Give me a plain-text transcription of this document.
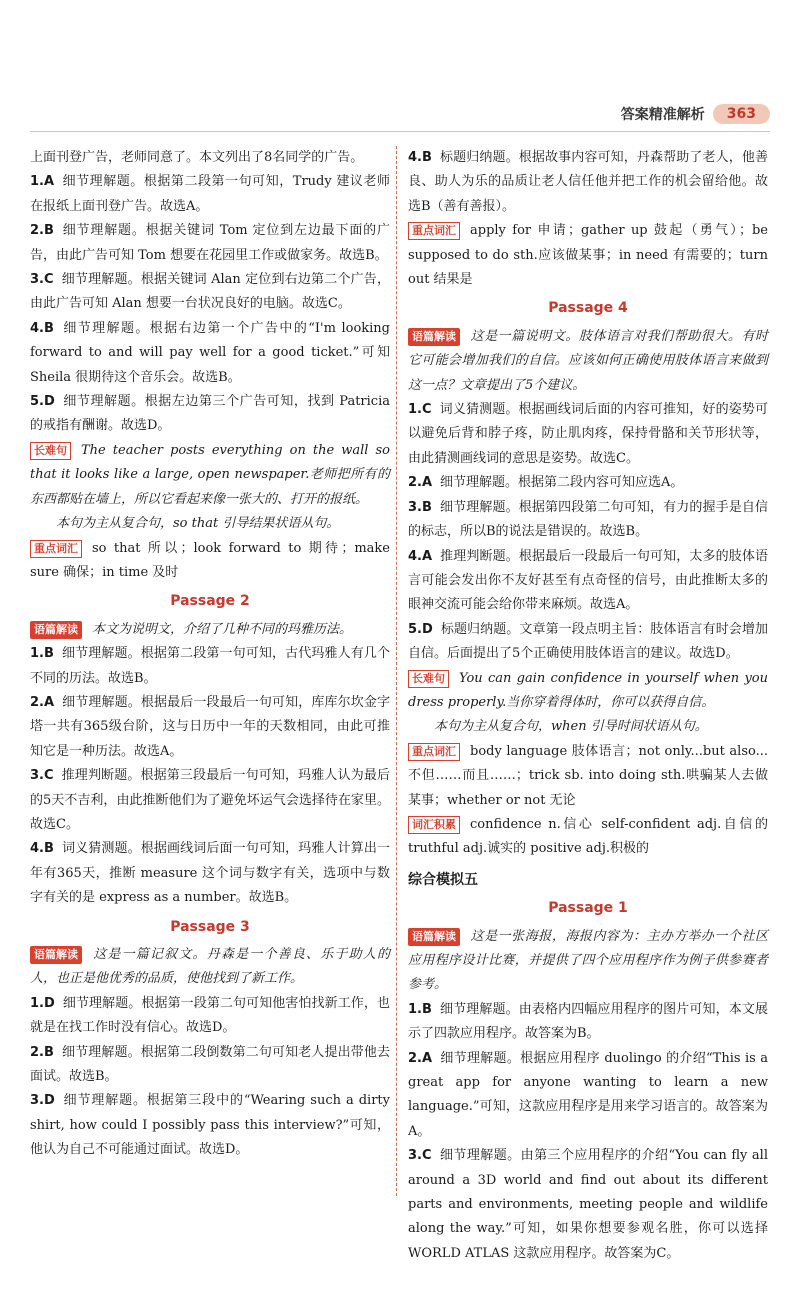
答案精准解析	363

上面刊登广告，老师同意了。本文列出了8名同学的广告。

1.A 细节理解题。根据第二段第一句可知，Trudy 建议老师在报纸上面刊登广告。故选A。

2.B 细节理解题。根据关键词 Tom 定位到左边最下面的广告，由此广告可知 Tom 想要在花园里工作或做家务。故选B。

3.C 细节理解题。根据关键词 Alan 定位到右边第二个广告，由此广告可知 Alan 想要一台状况良好的电脑。故选C。

4.B 细节理解题。根据右边第一个广告中的“I'm looking forward to and will pay well for a good ticket.”可知 Sheila 很期待这个音乐会。故选B。

5.D 细节理解题。根据左边第三个广告可知，找到 Patricia 的戒指有酬谢。故选D。

长难句 The teacher posts everything on the wall so that it looks like a large, open newspaper.老师把所有的东西都贴在墙上，所以它看起来像一张大的、打开的报纸。

本句为主从复合句，so that 引导结果状语从句。

重点词汇 so that 所以；look forward to 期待；make sure 确保；in time 及时

Passage 2

语篇解读 本文为说明文，介绍了几种不同的玛雅历法。

1.B 细节理解题。根据第二段第一句可知，古代玛雅人有几个不同的历法。故选B。

2.A 细节理解题。根据最后一段最后一句可知，库库尔坎金字塔一共有365级台阶，这与日历中一年的天数相同，由此可推知它是一种历法。故选A。

3.C 推理判断题。根据第三段最后一句可知，玛雅人认为最后的5天不吉利，由此推断他们为了避免坏运气会选择待在家里。故选C。

4.B 词义猜测题。根据画线词后面一句可知，玛雅人计算出一年有365天，推断 measure 这个词与数字有关，选项中与数字有关的是 express as a number。故选B。

Passage 3

语篇解读 这是一篇记叙文。丹森是一个善良、乐于助人的人，也正是他优秀的品质，使他找到了新工作。

1.D 细节理解题。根据第一段第二句可知他害怕找新工作，也就是在找工作时没有信心。故选D。

2.B 细节理解题。根据第二段倒数第二句可知老人提出带他去面试。故选B。

3.D 细节理解题。根据第三段中的“Wearing such a dirty shirt, how could I possibly pass this interview?”可知，他认为自己不可能通过面试。故选D。

4.B 标题归纳题。根据故事内容可知，丹森帮助了老人，他善良、助人为乐的品质让老人信任他并把工作的机会留给他。故选B（善有善报）。

重点词汇 apply for 申请；gather up 鼓起（勇气）；be supposed to do sth.应该做某事；in need 有需要的；turn out 结果是

Passage 4

语篇解读 这是一篇说明文。肢体语言对我们帮助很大。有时它可能会增加我们的自信。应该如何正确使用肢体语言来做到这一点？文章提出了5个建议。

1.C 词义猜测题。根据画线词后面的内容可推知，好的姿势可以避免后背和脖子疼，防止肌肉疼，保持骨骼和关节形状等，由此猜测画线词的意思是姿势。故选C。

2.A 细节理解题。根据第二段内容可知应选A。

3.B 细节理解题。根据第四段第二句可知，有力的握手是自信的标志，所以B的说法是错误的。故选B。

4.A 推理判断题。根据最后一段最后一句可知，太多的肢体语言可能会发出你不友好甚至有点奇怪的信号，由此推断太多的眼神交流可能会给你带来麻烦。故选A。

5.D 标题归纳题。文章第一段点明主旨：肢体语言有时会增加自信。后面提出了5个正确使用肢体语言的建议。故选D。

长难句 You can gain confidence in yourself when you dress properly.当你穿着得体时，你可以获得自信。

本句为主从复合句，when 引导时间状语从句。

重点词汇 body language 肢体语言；not only...but also...不但……而且……；trick sb. into doing sth.哄骗某人去做某事；whether or not 无论

词汇积累 confidence n.信心 self-confident adj.自信的 truthful adj.诚实的 positive adj.积极的

综合模拟五

Passage 1

语篇解读 这是一张海报，海报内容为：主办方举办一个社区应用程序设计比赛，并提供了四个应用程序作为例子供参赛者参考。

1.B 细节理解题。由表格内四幅应用程序的图片可知，本文展示了四款应用程序。故答案为B。

2.A 细节理解题。根据应用程序 duolingo 的介绍“This is a great app for anyone wanting to learn a new language.”可知，这款应用程序是用来学习语言的。故答案为A。

3.C 细节理解题。由第三个应用程序的介绍“You can fly all around a 3D world and find out about its different parts and environments, meeting people and wildlife along the way.”可知，如果你想要参观名胜，你可以选择 WORLD ATLAS 这款应用程序。故答案为C。
